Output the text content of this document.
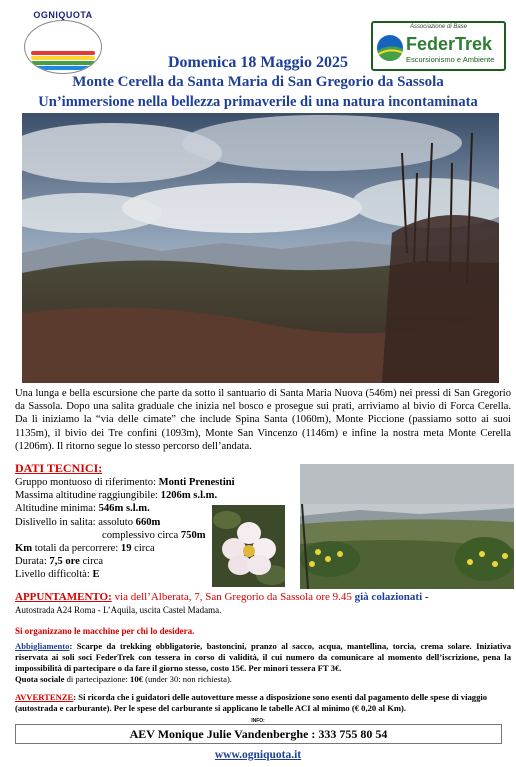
OGNIQUOTA
Associazione di Base
FederTrek
Escursionismo e Ambiente
Domenica 18 Maggio 2025
Monte Cerella da Santa Maria di San Gregorio da Sassola
Un’immersione nella bellezza primaverile di una natura incontaminata
Una lunga e bella escursione che parte da sotto il santuario di Santa Maria Nuova (546m) nei pressi di San Gregorio da Sassola. Dopo una salita graduale che inizia nel bosco e prosegue sui prati, arriviamo al bivio di Forca Cerella. Da lì iniziamo la “via delle cimate” che include Spina Santa (1060m), Monte Piccione (passiamo sotto ai suoi 1135m), il bivio dei Tre confini (1093m), Monte San Vincenzo (1146m) e infine la nostra meta Monte Cerella (1206m). Il ritorno segue lo stesso percorso dell’andata.
DATI TECNICI:
Gruppo montuoso di riferimento: Monti Prenestini
Massima altitudine raggiungibile: 1206m s.l.m.
Altitudine minima: 546m s.l.m.
Dislivello in salita: assoluto 660m
complessivo circa 750m
Km totali da percorrere: 19 circa
Durata: 7,5 ore circa
Livello difficoltà: E
APPUNTAMENTO: via dell’Alberata, 7, San Gregorio da Sassola ore 9.45 già colazionati -
Autostrada A24 Roma - L’Aquila, uscita Castel Madama.
Si organizzano le macchine per chi lo desidera.
Abbigliamento: Scarpe da trekking obbligatorie, bastoncini, pranzo al sacco, acqua, mantellina, torcia, crema solare. Iniziativa riservata ai soli soci FederTrek con tessera in corso di validità, il cui numero da comunicare al momento dell’iscrizione, pena la impossibilità di partecipare o da fare il giorno stesso, costo 15€. Per minori tessera FT 3€.
Quota sociale di partecipazione: 10€ (under 30: non richiesta).
AVVERTENZE: Si ricorda che i guidatori delle autovetture messe a disposizione sono esenti dal pagamento delle spese di viaggio (autostrada e carburante). Per le spese del carburante si applicano le tabelle ACI al minimo (€ 0,20 al Km).
INFO:
AEV Monique Julie Vandenberghe : 333 755 80 54
www.ogniquota.it
